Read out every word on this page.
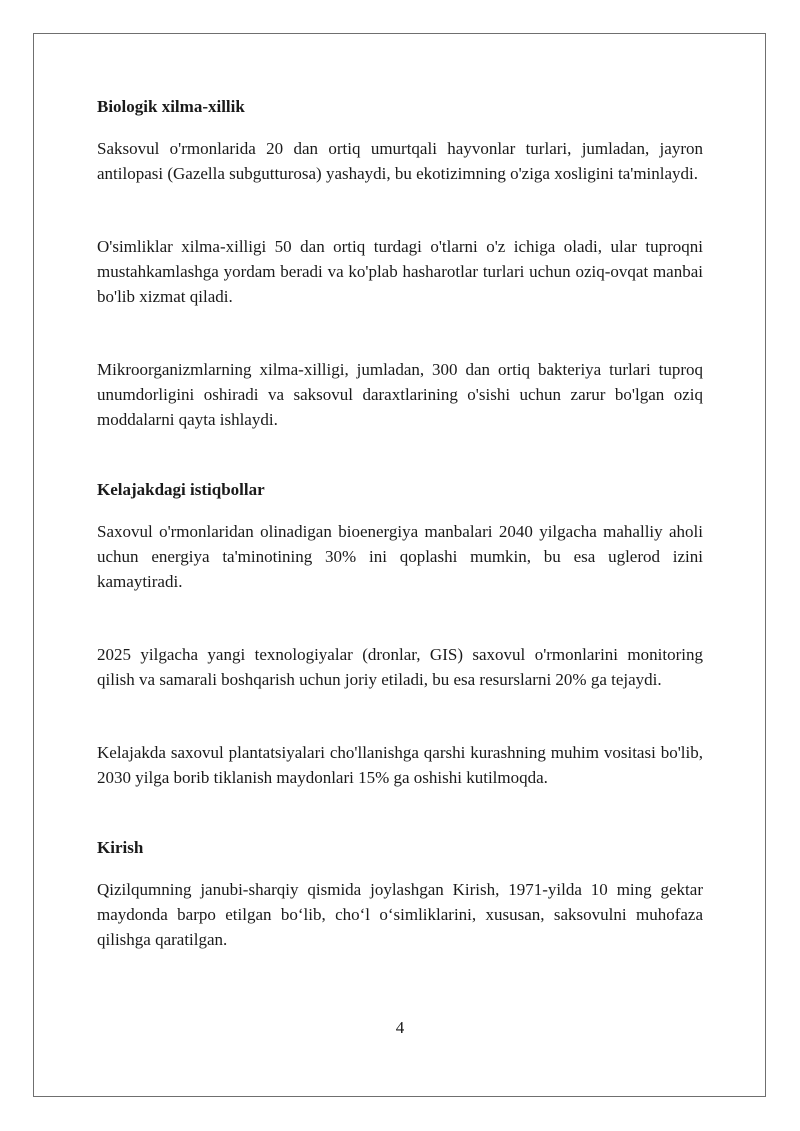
Biologik xilma-xillik

Saksovul o'rmonlarida 20 dan ortiq umurtqali hayvonlar turlari, jumladan, jayron antilopasi (Gazella subgutturosa) yashaydi, bu ekotizimning o'ziga xosligini ta'minlaydi.

O'simliklar xilma-xilligi 50 dan ortiq turdagi o'tlarni o'z ichiga oladi, ular tuproqni mustahkamlashga yordam beradi va ko'plab hasharotlar turlari uchun oziq-ovqat manbai bo'lib xizmat qiladi.

Mikroorganizmlarning xilma-xilligi, jumladan, 300 dan ortiq bakteriya turlari tuproq unumdorligini oshiradi va saksovul daraxtlarining o'sishi uchun zarur bo'lgan oziq moddalarni qayta ishlaydi.

Kelajakdagi istiqbollar

Saxovul o'rmonlaridan olinadigan bioenergiya manbalari 2040 yilgacha mahalliy aholi uchun energiya ta'minotining 30% ini qoplashi mumkin, bu esa uglerod izini kamaytiradi.

2025 yilgacha yangi texnologiyalar (dronlar, GIS) saxovul o'rmonlarini monitoring qilish va samarali boshqarish uchun joriy etiladi, bu esa resurslarni 20% ga tejaydi.

Kelajakda saxovul plantatsiyalari cho'llanishga qarshi kurashning muhim vositasi bo'lib, 2030 yilga borib tiklanish maydonlari 15% ga oshishi kutilmoqda.

Kirish

Qizilqumning janubi-sharqiy qismida joylashgan Kirish, 1971-yilda 10 ming gektar maydonda barpo etilgan bo‘lib, cho‘l o‘simliklarini, xususan, saksovulni muhofaza qilishga qaratilgan.

4
